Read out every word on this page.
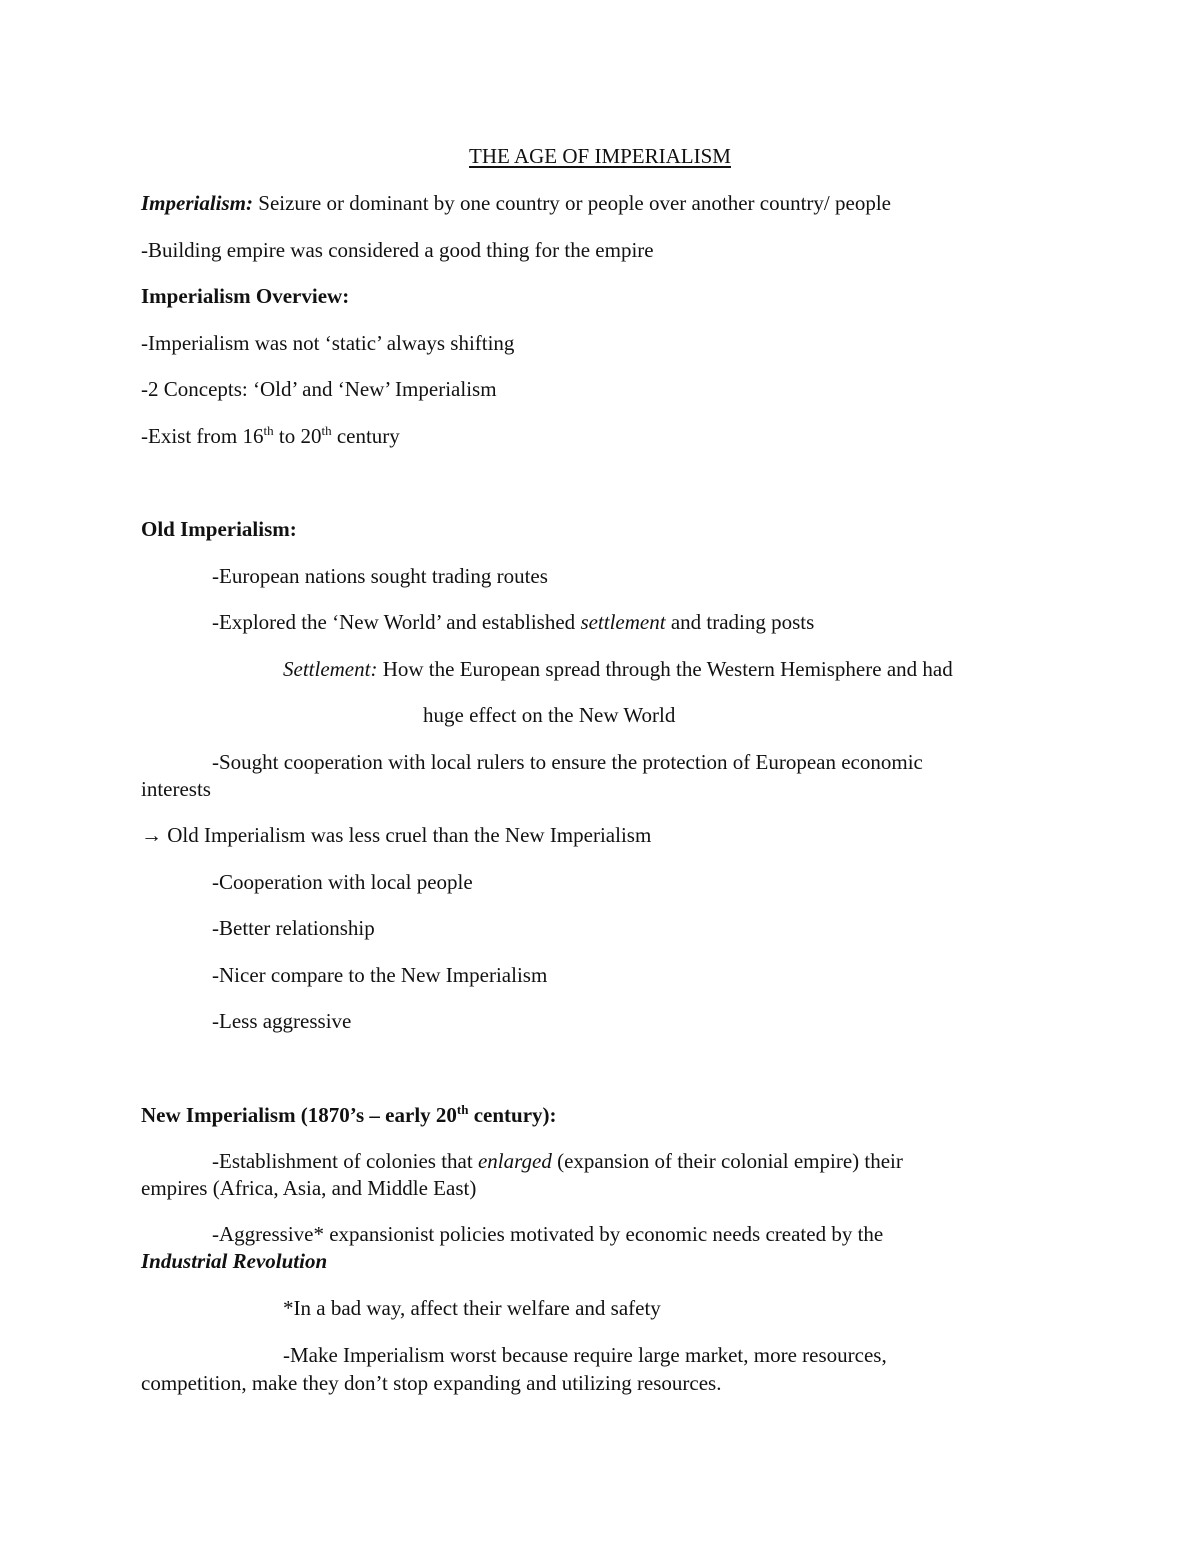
THE AGE OF IMPERIALISM
Imperialism: Seizure or dominant by one country or people over another country/ people
-Building empire was considered a good thing for the empire
Imperialism Overview:
-Imperialism was not ‘static’ always shifting
-2 Concepts: ‘Old’ and ‘New’ Imperialism
-Exist from 16th to 20th century
Old Imperialism:
-European nations sought trading routes
-Explored the ‘New World’ and established settlement and trading posts
Settlement: How the European spread through the Western Hemisphere and had
huge effect on the New World
-Sought cooperation with local rulers to ensure the protection of European economic
interests
→ Old Imperialism was less cruel than the New Imperialism
-Cooperation with local people
-Better relationship
-Nicer compare to the New Imperialism
-Less aggressive
New Imperialism (1870’s – early 20th century):
-Establishment of colonies that enlarged (expansion of their colonial empire) their
empires (Africa, Asia, and Middle East)
-Aggressive* expansionist policies motivated by economic needs created by the
Industrial Revolution
*In a bad way, affect their welfare and safety
-Make Imperialism worst because require large market, more resources,
competition, make they don’t stop expanding and utilizing resources.
